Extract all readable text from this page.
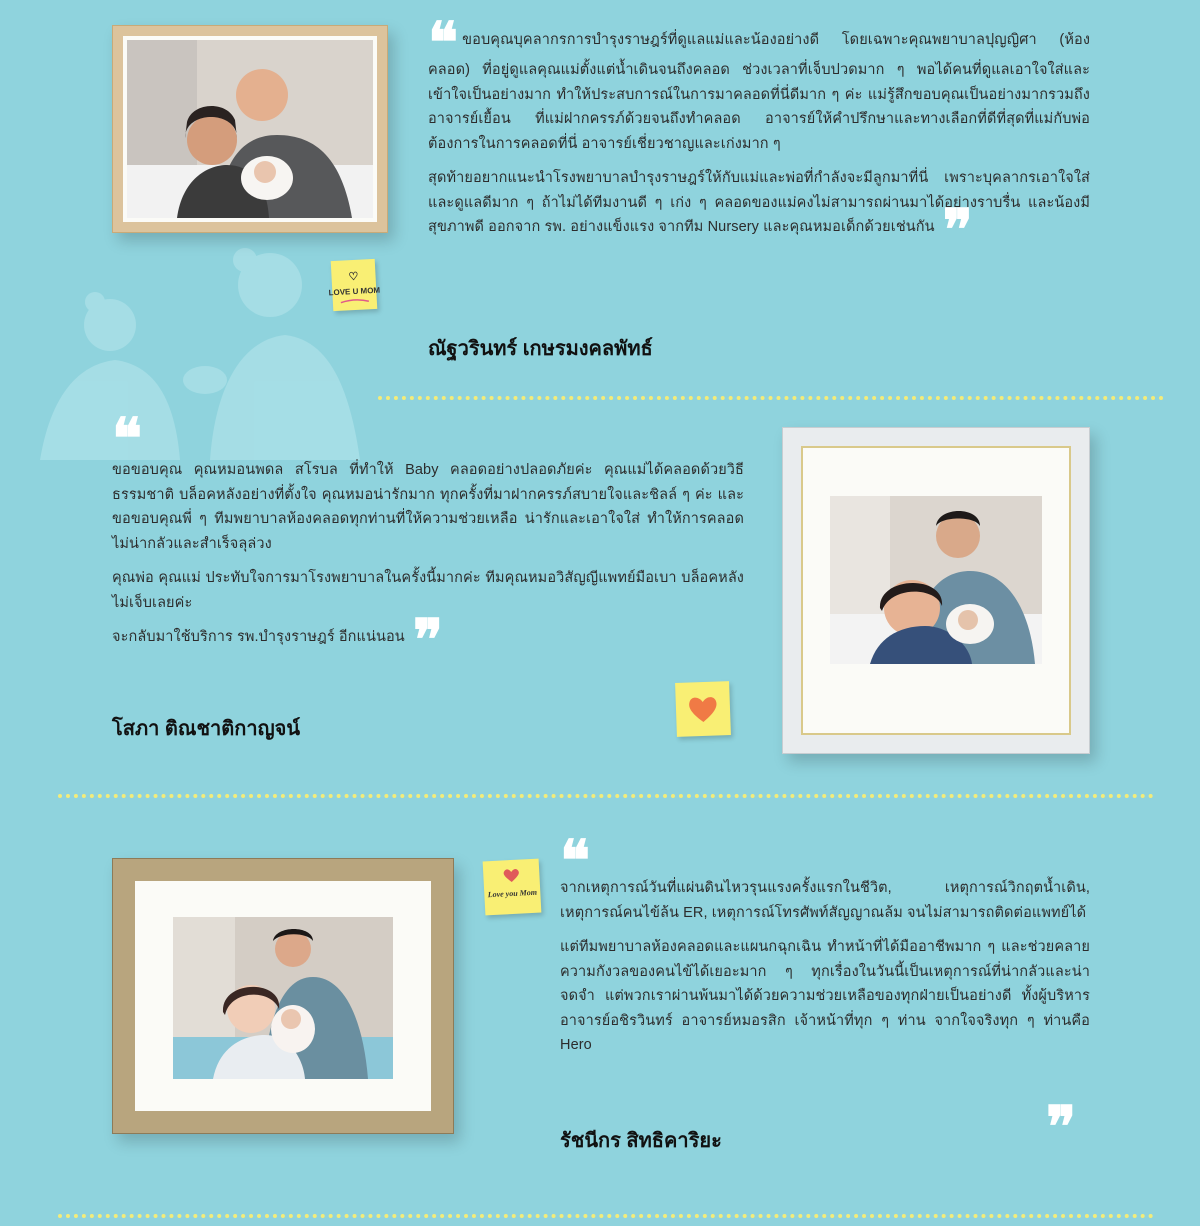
♡
LOVE U MOM

❝ ขอบคุณบุคลากรการบำรุงราษฎร์ที่ดูแลแม่และน้องอย่างดี โดยเฉพาะคุณพยาบาลปุญญิศา (ห้องคลอด) ที่อยู่ดูแลคุณแม่ตั้งแต่น้ำเดินจนถึงคลอด ช่วงเวลาที่เจ็บปวดมาก ๆ พอได้คนที่ดูแลเอาใจใส่และเข้าใจเป็นอย่างมาก ทำให้ประสบการณ์ในการมาคลอดที่นี่ดีมาก ๆ ค่ะ แม่รู้สึกขอบคุณเป็นอย่างมากรวมถึงอาจารย์เยื้อน ที่แม่ฝากครรภ์ด้วยจนถึงทำคลอด อาจารย์ให้คำปรึกษาและทางเลือกที่ดีที่สุดที่แม่กับพ่อต้องการในการคลอดที่นี่ อาจารย์เชี่ยวชาญและเก่งมาก ๆ

สุดท้ายอยากแนะนำโรงพยาบาลบำรุงราษฎร์ให้กับแม่และพ่อที่กำลังจะมีลูกมาที่นี่ เพราะบุคลากรเอาใจใส่และดูแลดีมาก ๆ ถ้าไม่ได้ทีมงานดี ๆ เก่ง ๆ คลอดของแม่คงไม่สามารถผ่านมาได้อย่างราบรื่น และน้องมีสุขภาพดี ออกจาก รพ. อย่างแข็งแรง จากทีม Nursery และคุณหมอเด็กด้วยเช่นกัน ❞

ณัฐวรินทร์ เกษรมงคลพัทธ์
❝

ขอขอบคุณ คุณหมอนพดล สโรบล ที่ทำให้ Baby คลอดอย่างปลอดภัยค่ะ คุณแม่ได้คลอดด้วยวิธีธรรมชาติ บล็อคหลังอย่างที่ตั้งใจ คุณหมอน่ารักมาก ทุกครั้งที่มาฝากครรภ์สบายใจและชิลล์ ๆ ค่ะ และขอขอบคุณพี่ ๆ ทีมพยาบาลห้องคลอดทุกท่านที่ให้ความช่วยเหลือ น่ารักและเอาใจใส่ ทำให้การคลอดไม่น่ากลัวและสำเร็จลุล่วง

คุณพ่อ คุณแม่ ประทับใจการมาโรงพยาบาลในครั้งนี้มากค่ะ ทีมคุณหมอวิสัญญีแพทย์มือเบา บล็อคหลังไม่เจ็บเลยค่ะ

จะกลับมาใช้บริการ รพ.บำรุงราษฎร์ อีกแน่นอน ❞

โสภา ติณชาติกาญจน์
Love you Mom ❝

จากเหตุการณ์วันที่แผ่นดินไหวรุนแรงครั้งแรกในชีวิต, เหตุการณ์วิกฤตน้ำเดิน, เหตุการณ์คนไข้ล้น ER, เหตุการณ์โทรศัพท์สัญญาณล้ม จนไม่สามารถติดต่อแพทย์ได้

แต่ทีมพยาบาลห้องคลอดและแผนกฉุกเฉิน ทำหน้าที่ได้มืออาชีพมาก ๆ และช่วยคลายความกังวลของคนไข้ได้เยอะมาก ๆ ทุกเรื่องในวันนี้เป็นเหตุการณ์ที่น่ากลัวและน่าจดจำ แต่พวกเราผ่านพ้นมาได้ด้วยความช่วยเหลือของทุกฝ่ายเป็นอย่างดี ทั้งผู้บริหาร อาจารย์อชิรวินทร์ อาจารย์หมอรสิก เจ้าหน้าที่ทุก ๆ ท่าน จากใจจริงทุก ๆ ท่านคือ Hero

รัชนีกร สิทธิคาริยะ	❞
